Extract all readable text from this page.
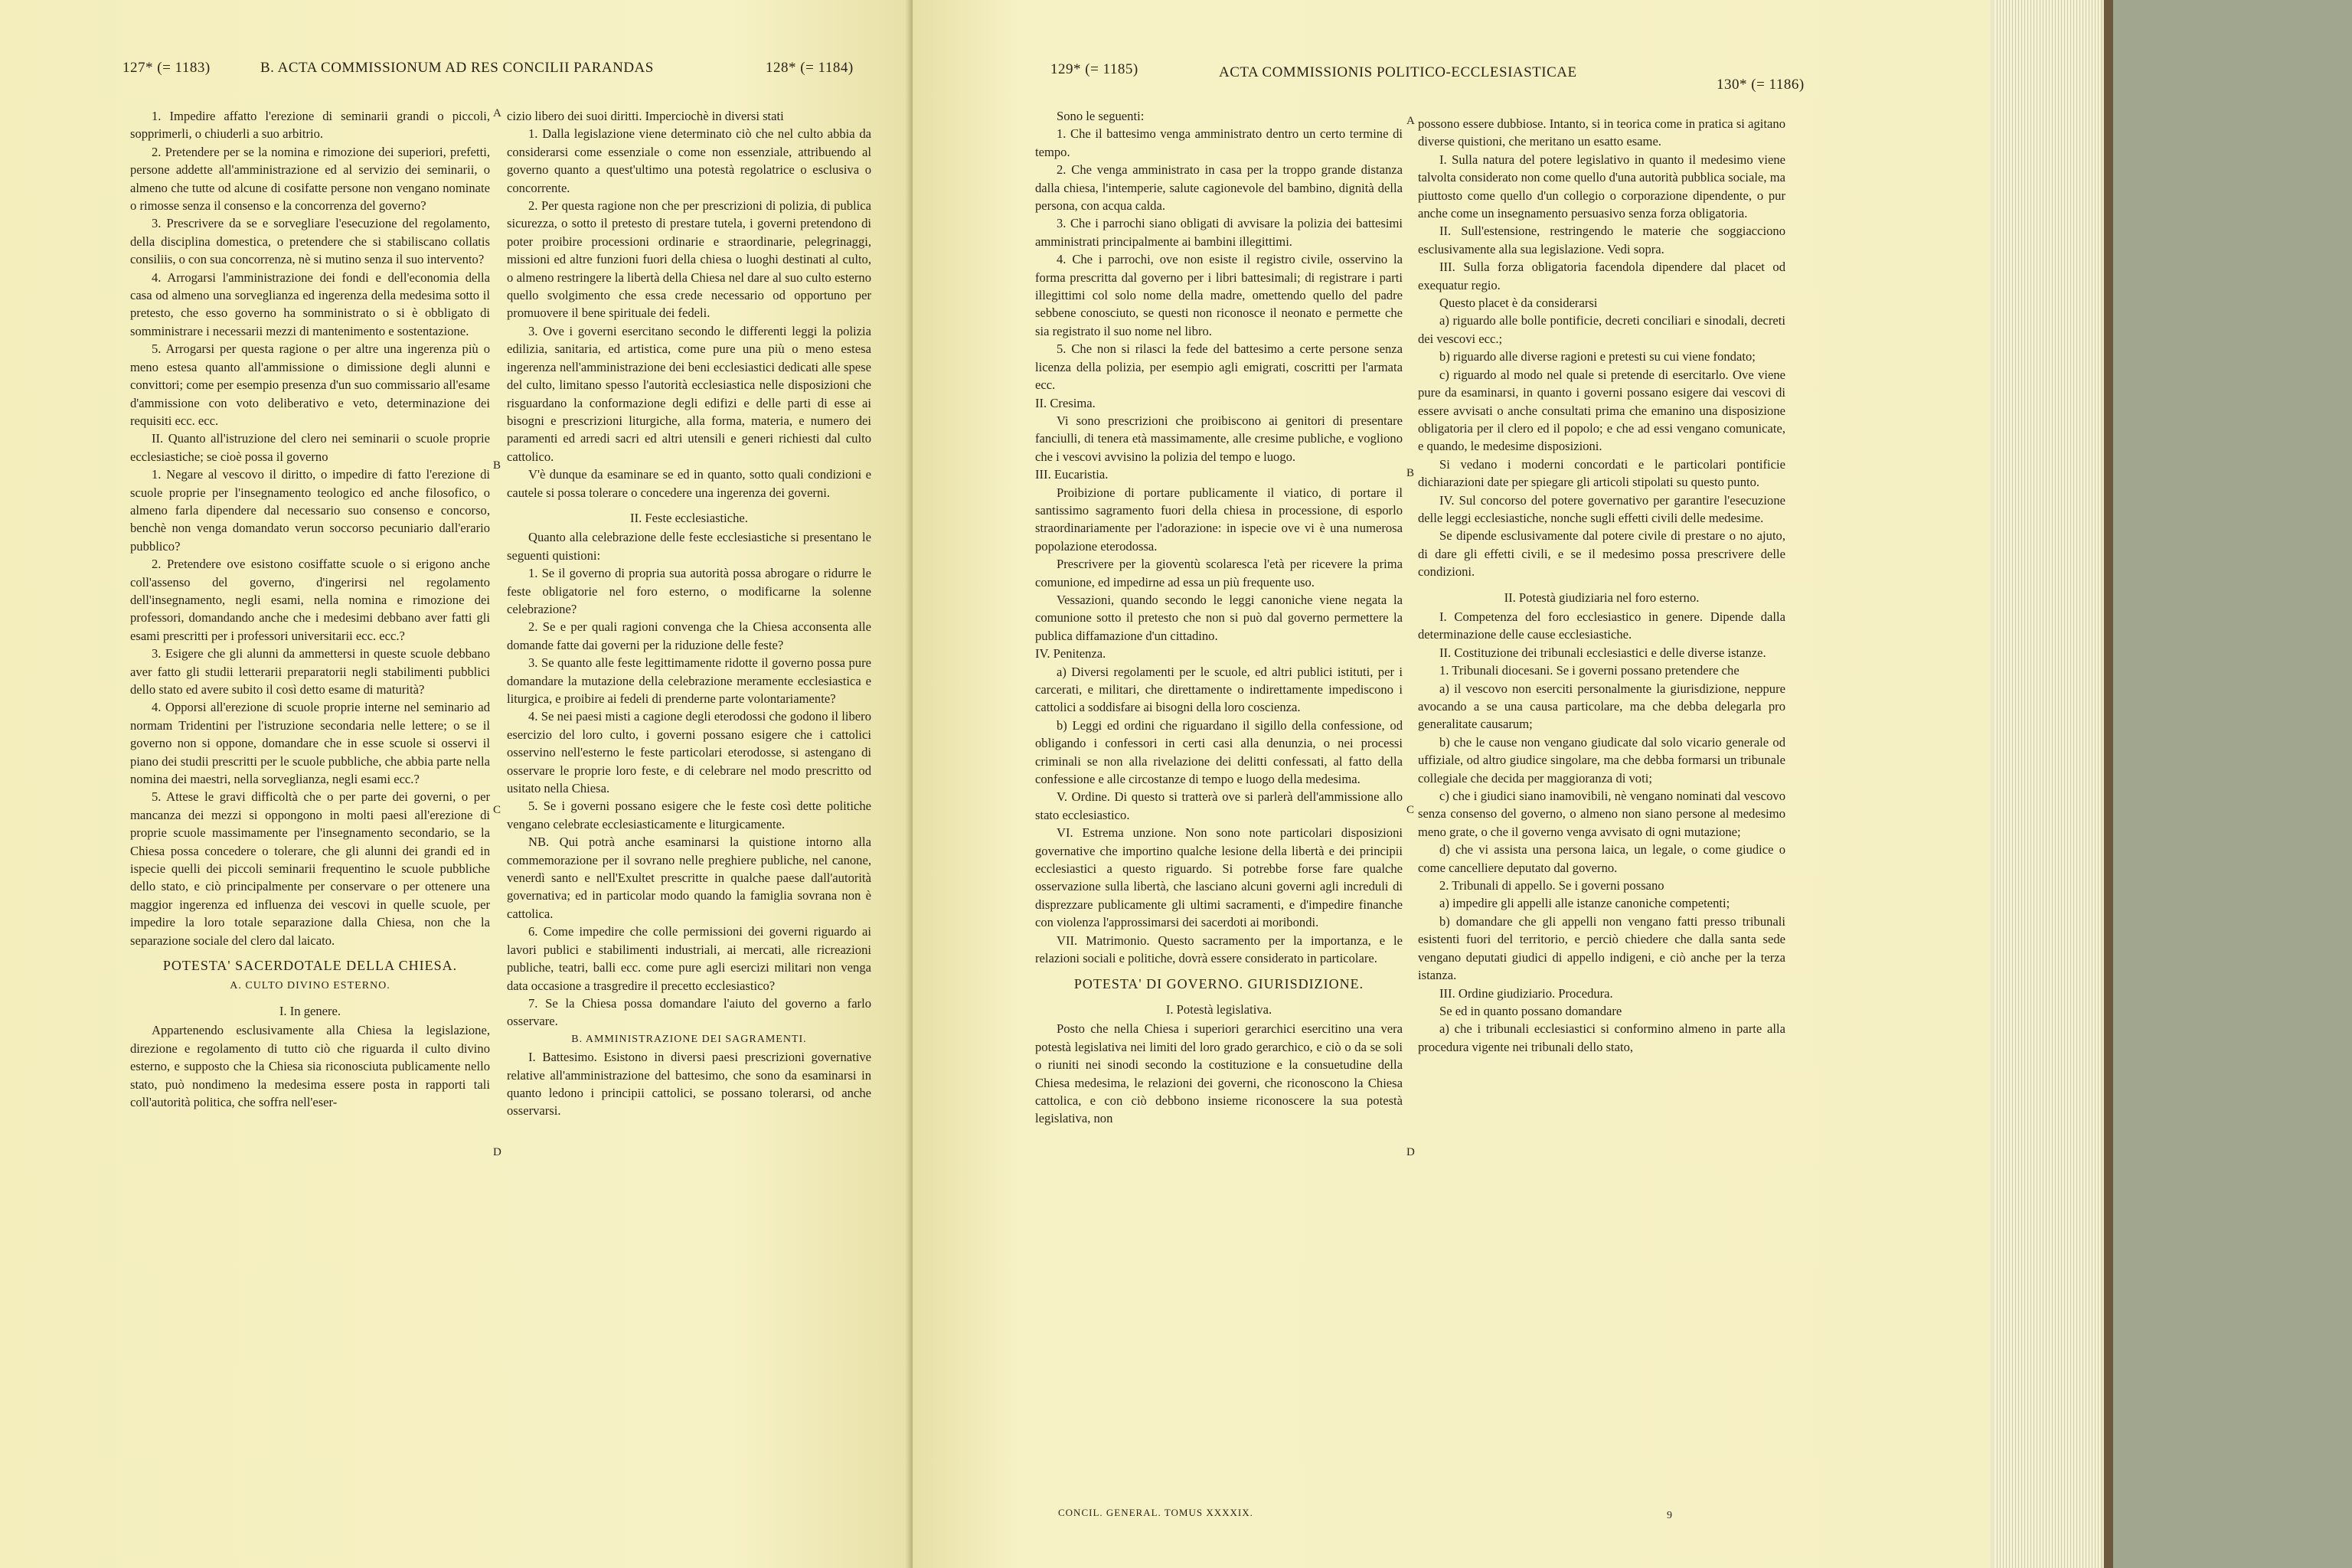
127* (= 1183)	B. ACTA COMMISSIONUM AD RES CONCILII PARANDAS	128* (= 1184)

1. Impedire affatto l'erezione di seminarii grandi o piccoli, sopprimerli, o chiuderli a suo arbitrio.

2. Pretendere per se la nomina e rimozione dei superiori, prefetti, persone addette all'amministrazione ed al servizio dei seminarii, o almeno che tutte od alcune di cosifatte persone non vengano nominate o rimosse senza il consenso e la concorrenza del governo?

3. Prescrivere da se e sorvegliare l'esecuzione del regolamento, della disciplina domestica, o pretendere che si stabiliscano collatis consiliis, o con sua concorrenza, nè si mutino senza il suo intervento?

4. Arrogarsi l'amministrazione dei fondi e dell'economia della casa od almeno una sorveglianza ed ingerenza della medesima sotto il pretesto, che esso governo ha somministrato o si è obbligato di somministrare i necessarii mezzi di mantenimento e sostentazione.

5. Arrogarsi per questa ragione o per altre una ingerenza più o meno estesa quanto all'ammissione o dimissione degli alunni e convittori; come per esempio presenza d'un suo commissario all'esame d'ammissione con voto deliberativo e veto, determinazione dei requisiti ecc. ecc.

II. Quanto all'istruzione del clero nei seminarii o scuole proprie ecclesiastiche; se cioè possa il governo

1. Negare al vescovo il diritto, o impedire di fatto l'erezione di scuole proprie per l'insegnamento teologico ed anche filosofico, o almeno farla dipendere dal necessario suo consenso e concorso, benchè non venga domandato verun soccorso pecuniario dall'erario pubblico?

2. Pretendere ove esistono cosiffatte scuole o si erigono anche coll'assenso del governo, d'ingerirsi nel regolamento dell'insegnamento, negli esami, nella nomina e rimozione dei professori, domandando anche che i medesimi debbano aver fatti gli esami prescritti per i professori universitarii ecc. ecc.?

3. Esigere che gli alunni da ammettersi in queste scuole debbano aver fatto gli studii letterarii preparatorii negli stabilimenti pubblici dello stato ed avere subito il così detto esame di maturità?

4. Opporsi all'erezione di scuole proprie interne nel seminario ad normam Tridentini per l'istruzione secondaria nelle lettere; o se il governo non si oppone, domandare che in esse scuole si osservi il piano dei studii prescritti per le scuole pubbliche, che abbia parte nella nomina dei maestri, nella sorveglianza, negli esami ecc.?

5. Attese le gravi difficoltà che o per parte dei governi, o per mancanza dei mezzi si oppongono in molti paesi all'erezione di proprie scuole massimamente per l'insegnamento secondario, se la Chiesa possa concedere o tolerare, che gli alunni dei grandi ed in ispecie quelli dei piccoli seminarii frequentino le scuole pubbliche dello stato, e ciò principalmente per conservare o per ottenere una maggior ingerenza ed influenza dei vescovi in quelle scuole, per impedire la loro totale separazione dalla Chiesa, non che la separazione sociale del clero dal laicato.

POTESTA' SACERDOTALE DELLA CHIESA.

A. CULTO DIVINO ESTERNO.

I. In genere.

Appartenendo esclusivamente alla Chiesa la legislazione, direzione e regolamento di tutto ciò che riguarda il culto divino esterno, e supposto che la Chiesa sia riconosciuta publicamente nello stato, può nondimeno la medesima essere posta in rapporti tali coll'autorità politica, che soffra nell'eser-

cizio libero dei suoi diritti. Imperciochè in diversi stati

1. Dalla legislazione viene determinato ciò che nel culto abbia da considerarsi come essenziale o come non essenziale, attribuendo al governo quanto a quest'ultimo una potestà regolatrice o esclusiva o concorrente.

2. Per questa ragione non che per prescrizioni di polizia, di publica sicurezza, o sotto il pretesto di prestare tutela, i governi pretendono di poter proibire processioni ordinarie e straordinarie, pelegrinaggi, missioni ed altre funzioni fuori della chiesa o luoghi destinati al culto, o almeno restringere la libertà della Chiesa nel dare al suo culto esterno quello svolgimento che essa crede necessario od opportuno per promuovere il bene spirituale dei fedeli.

3. Ove i governi esercitano secondo le differenti leggi la polizia edilizia, sanitaria, ed artistica, come pure una più o meno estesa ingerenza nell'amministrazione dei beni ecclesiastici dedicati alle spese del culto, limitano spesso l'autorità ecclesiastica nelle disposizioni che risguardano la conformazione degli edifizi e delle parti di esse ai bisogni e prescrizioni liturgiche, alla forma, materia, e numero dei paramenti ed arredi sacri ed altri utensili e generi richiesti dal culto cattolico.

V'è dunque da esaminare se ed in quanto, sotto quali condizioni e cautele si possa tolerare o concedere una ingerenza dei governi.

II. Feste ecclesiastiche.

Quanto alla celebrazione delle feste ecclesiastiche si presentano le seguenti quistioni:

1. Se il governo di propria sua autorità possa abrogare o ridurre le feste obligatorie nel foro esterno, o modificarne la solenne celebrazione?

2. Se e per quali ragioni convenga che la Chiesa acconsenta alle domande fatte dai governi per la riduzione delle feste?

3. Se quanto alle feste legittimamente ridotte il governo possa pure domandare la mutazione della celebrazione meramente ecclesiastica e liturgica, e proibire ai fedeli di prenderne parte volontariamente?

4. Se nei paesi misti a cagione degli eterodossi che godono il libero esercizio del loro culto, i governi possano esigere che i cattolici osservino nell'esterno le feste particolari eterodosse, si astengano di osservare le proprie loro feste, e di celebrare nel modo prescritto od usitato nella Chiesa.

5. Se i governi possano esigere che le feste così dette politiche vengano celebrate ecclesiasticamente e liturgicamente.

NB. Qui potrà anche esaminarsi la quistione intorno alla commemorazione per il sovrano nelle preghiere publiche, nel canone, venerdì santo e nell'Exultet prescritte in qualche paese dall'autorità governativa; ed in particolar modo quando la famiglia sovrana non è cattolica.

6. Come impedire che colle permissioni dei governi riguardo ai lavori publici e stabilimenti industriali, ai mercati, alle ricreazioni publiche, teatri, balli ecc. come pure agli esercizi militari non venga data occasione a trasgredire il precetto ecclesiastico?

7. Se la Chiesa possa domandare l'aiuto del governo a farlo osservare.

B. AMMINISTRAZIONE DEI SAGRAMENTI.

I. Battesimo. Esistono in diversi paesi prescrizioni governative relative all'amministrazione del battesimo, che sono da esaminarsi in quanto ledono i principii cattolici, se possano tolerarsi, od anche osservarsi.

A
B
C
D
129* (= 1185)	ACTA COMMISSIONIS POLITICO-ECCLESIASTICAE
130* (= 1186)

Sono le seguenti:

1. Che il battesimo venga amministrato dentro un certo termine di tempo.

2. Che venga amministrato in casa per la troppo grande distanza dalla chiesa, l'intemperie, salute cagionevole del bambino, dignità della persona, con acqua calda.

3. Che i parrochi siano obligati di avvisare la polizia dei battesimi amministrati principalmente ai bambini illegittimi.

4. Che i parrochi, ove non esiste il registro civile, osservino la forma prescritta dal governo per i libri battesimali; di registrare i parti illegittimi col solo nome della madre, omettendo quello del padre sebbene conosciuto, se questi non riconosce il neonato e permette che sia registrato il suo nome nel libro.

5. Che non si rilasci la fede del battesimo a certe persone senza licenza della polizia, per esempio agli emigrati, coscritti per l'armata ecc.

II. Cresima.

Vi sono prescrizioni che proibiscono ai genitori di presentare fanciulli, di tenera età massimamente, alle cresime publiche, e vogliono che i vescovi avvisino la polizia del tempo e luogo.

III. Eucaristia.

Proibizione di portare publicamente il viatico, di portare il santissimo sagramento fuori della chiesa in processione, di esporlo straordinariamente per l'adorazione: in ispecie ove vi è una numerosa popolazione eterodossa.

Prescrivere per la gioventù scolaresca l'età per ricevere la prima comunione, ed impedirne ad essa un più frequente uso.

Vessazioni, quando secondo le leggi canoniche viene negata la comunione sotto il pretesto che non si può dal governo permettere la publica diffamazione d'un cittadino.

IV. Penitenza.

a) Diversi regolamenti per le scuole, ed altri publici istituti, per i carcerati, e militari, che direttamente o indirettamente impediscono i cattolici a soddisfare ai bisogni della loro coscienza.

b) Leggi ed ordini che riguardano il sigillo della confessione, od obligando i confessori in certi casi alla denunzia, o nei processi criminali se non alla rivelazione dei delitti confessati, al fatto della confessione e alle circostanze di tempo e luogo della medesima.

V. Ordine. Di questo si tratterà ove si parlerà dell'ammissione allo stato ecclesiastico.

VI. Estrema unzione. Non sono note particolari disposizioni governative che importino qualche lesione della libertà e dei principii ecclesiastici a questo riguardo. Si potrebbe forse fare qualche osservazione sulla libertà, che lasciano alcuni governi agli increduli di disprezzare publicamente gli ultimi sacramenti, e d'impedire finanche con violenza l'approssimarsi dei sacerdoti ai moribondi.

VII. Matrimonio. Questo sacramento per la importanza, e le relazioni sociali e politiche, dovrà essere considerato in particolare.

POTESTA' DI GOVERNO. GIURISDIZIONE.

I. Potestà legislativa.

Posto che nella Chiesa i superiori gerarchici esercitino una vera potestà legislativa nei limiti del loro grado gerarchico, e ciò o da se soli o riuniti nei sinodi secondo la costituzione e la consuetudine della Chiesa medesima, le relazioni dei governi, che riconoscono la Chiesa cattolica, e con ciò debbono insieme riconoscere la sua potestà legislativa, non

possono essere dubbiose. Intanto, si in teorica come in pratica si agitano diverse quistioni, che meritano un esatto esame.

I. Sulla natura del potere legislativo in quanto il medesimo viene talvolta considerato non come quello d'una autorità pubblica sociale, ma piuttosto come quello d'un collegio o corporazione dipendente, o pur anche come un insegnamento persuasivo senza forza obligatoria.

II. Sull'estensione, restringendo le materie che soggiacciono esclusivamente alla sua legislazione. Vedi sopra.

III. Sulla forza obligatoria facendola dipendere dal placet od exequatur regio.

Questo placet è da considerarsi

a) riguardo alle bolle pontificie, decreti conciliari e sinodali, decreti dei vescovi ecc.;

b) riguardo alle diverse ragioni e pretesti su cui viene fondato;

c) riguardo al modo nel quale si pretende di esercitarlo. Ove viene pure da esaminarsi, in quanto i governi possano esigere dai vescovi di essere avvisati o anche consultati prima che emanino una disposizione obligatoria per il clero ed il popolo; e che ad essi vengano comunicate, e quando, le medesime disposizioni.

Si vedano i moderni concordati e le particolari pontificie dichiarazioni date per spiegare gli articoli stipolati su questo punto.

IV. Sul concorso del potere governativo per garantire l'esecuzione delle leggi ecclesiastiche, nonche sugli effetti civili delle medesime.

Se dipende esclusivamente dal potere civile di prestare o no ajuto, di dare gli effetti civili, e se il medesimo possa prescrivere delle condizioni.

II. Potestà giudiziaria nel foro esterno.

I. Competenza del foro ecclesiastico in genere. Dipende dalla determinazione delle cause ecclesiastiche.

II. Costituzione dei tribunali ecclesiastici e delle diverse istanze.

1. Tribunali diocesani. Se i governi possano pretendere che

a) il vescovo non eserciti personalmente la giurisdizione, neppure avocando a se una causa particolare, ma che debba delegarla pro generalitate causarum;

b) che le cause non vengano giudicate dal solo vicario generale od uffiziale, od altro giudice singolare, ma che debba formarsi un tribunale collegiale che decida per maggioranza di voti;

c) che i giudici siano inamovibili, nè vengano nominati dal vescovo senza consenso del governo, o almeno non siano persone al medesimo meno grate, o che il governo venga avvisato di ogni mutazione;

d) che vi assista una persona laica, un legale, o come giudice o come cancelliere deputato dal governo.

2. Tribunali di appello. Se i governi possano

a) impedire gli appelli alle istanze canoniche competenti;

b) domandare che gli appelli non vengano fatti presso tribunali esistenti fuori del territorio, e perciò chiedere che dalla santa sede vengano deputati giudici di appello indigeni, e ciò anche per la terza istanza.

III. Ordine giudiziario. Procedura.

Se ed in quanto possano domandare

a) che i tribunali ecclesiastici si conformino almeno in parte alla procedura vigente nei tribunali dello stato,

A
B
C
D
CONCIL. GENERAL. TOMUS XXXXIX.	9
